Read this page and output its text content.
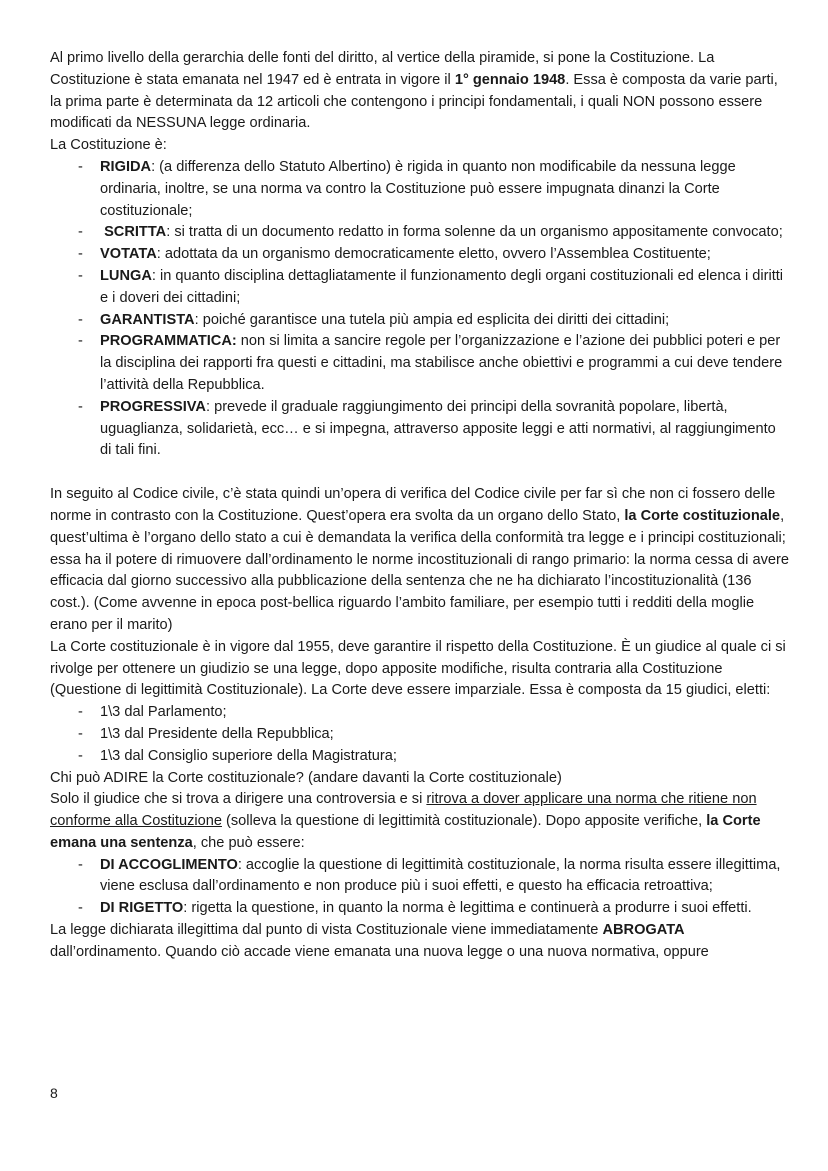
Al primo livello della gerarchia delle fonti del diritto, al vertice della piramide, si pone la Costituzione. La Costituzione è stata emanata nel 1947 ed è entrata in vigore il 1° gennaio 1948. Essa è composta da varie parti, la prima parte è determinata da 12 articoli che contengono i principi fondamentali, i quali NON possono essere modificati da NESSUNA legge ordinaria.

La Costituzione è:

- RIGIDA: (a differenza dello Statuto Albertino) è rigida in quanto non modificabile da nessuna legge ordinaria, inoltre, se una norma va contro la Costituzione può essere impugnata dinanzi la Corte costituzionale;
- SCRITTA: si tratta di un documento redatto in forma solenne da un organismo appositamente convocato;
- VOTATA: adottata da un organismo democraticamente eletto, ovvero l’Assemblea Costituente;
- LUNGA: in quanto disciplina dettagliatamente il funzionamento degli organi costituzionali ed elenca i diritti e i doveri dei cittadini;
- GARANTISTA: poiché garantisce una tutela più ampia ed esplicita dei diritti dei cittadini;
- PROGRAMMATICA: non si limita a sancire regole per l’organizzazione e l’azione dei pubblici poteri e per la disciplina dei rapporti fra questi e cittadini, ma stabilisce anche obiettivi e programmi a cui deve tendere l’attività della Repubblica.
- PROGRESSIVA: prevede il graduale raggiungimento dei principi della sovranità popolare, libertà, uguaglianza, solidarietà, ecc… e si impegna, attraverso apposite leggi e atti normativi, al raggiungimento di tali fini.

In seguito al Codice civile, c’è stata quindi un’opera di verifica del Codice civile per far sì che non ci fossero delle norme in contrasto con la Costituzione. Quest’opera era svolta da un organo dello Stato, la Corte costituzionale, quest’ultima è l’organo dello stato a cui è demandata la verifica della conformità tra legge e i principi costituzionali; essa ha il potere di rimuovere dall’ordinamento le norme incostituzionali di rango primario: la norma cessa di avere efficacia dal giorno successivo alla pubblicazione della sentenza che ne ha dichiarato l’incostituzionalità (136 cost.). (Come avvenne in epoca post-bellica riguardo l’ambito familiare, per esempio tutti i redditi della moglie erano per il marito)

La Corte costituzionale è in vigore dal 1955, deve garantire il rispetto della Costituzione. È un giudice al quale ci si rivolge per ottenere un giudizio se una legge, dopo apposite modifiche, risulta contraria alla Costituzione (Questione di legittimità Costituzionale). La Corte deve essere imparziale. Essa è composta da 15 giudici, eletti:

- 1\3 dal Parlamento;
- 1\3 dal Presidente della Repubblica;
- 1\3 dal Consiglio superiore della Magistratura;

Chi può ADIRE la Corte costituzionale? (andare davanti la Corte costituzionale)

Solo il giudice che si trova a dirigere una controversia e si ritrova a dover applicare una norma che ritiene non conforme alla Costituzione (solleva la questione di legittimità costituzionale). Dopo apposite verifiche, la Corte emana una sentenza, che può essere:

- DI ACCOGLIMENTO: accoglie la questione di legittimità costituzionale, la norma risulta essere illegittima, viene esclusa dall’ordinamento e non produce più i suoi effetti, e questo ha efficacia retroattiva;
- DI RIGETTO: rigetta la questione, in quanto la norma è legittima e continuerà a produrre i suoi effetti.

La legge dichiarata illegittima dal punto di vista Costituzionale viene immediatamente ABROGATA dall’ordinamento. Quando ciò accade viene emanata una nuova legge o una nuova normativa, oppure

8
